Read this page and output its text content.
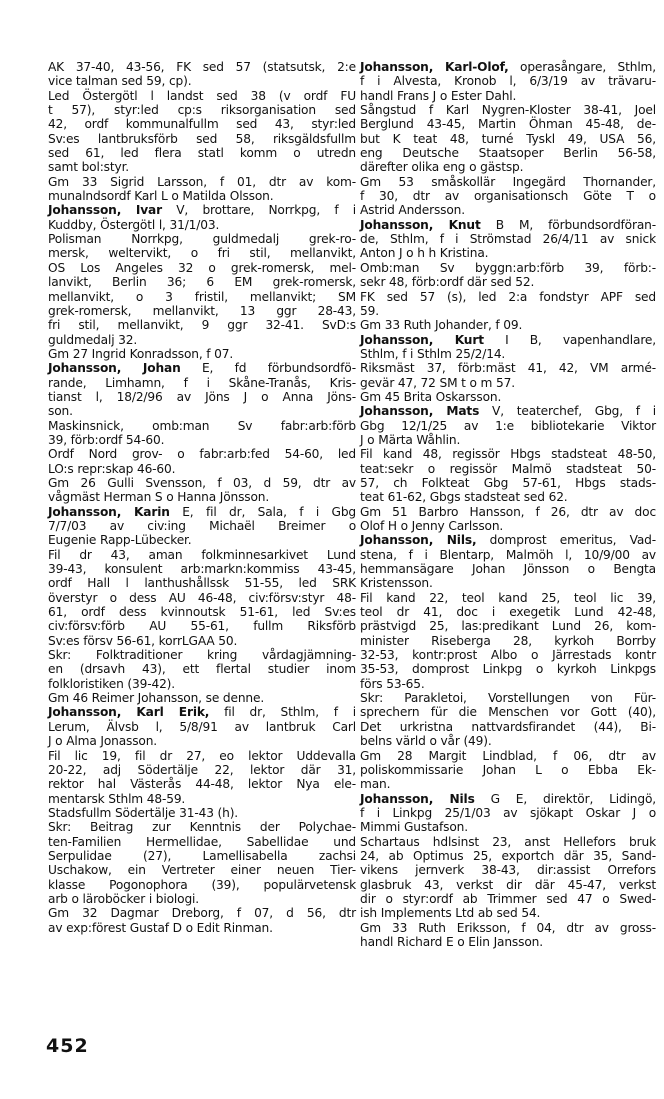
AK 37-40, 43-56, FK sed 57 (statsutsk, 2:e
vice talman sed 59, cp).
Led Östergötl l landst sed 38 (v ordf FU
t 57), styr:led cp:s riksorganisation sed
42, ordf kommunalfullm sed 43, styr:led
Sv:es lantbruksförb sed 58, riksgäldsfullm
sed 61, led flera statl komm o utredn
samt bol:styr.
Gm 33 Sigrid Larsson, f 01, dtr av kom-
munalndsordf Karl L o Matilda Olsson.
Johansson, Ivar V, brottare, Norrkpg, f i
Kuddby, Östergötl l, 31/1/03.
Polisman Norrkpg, guldmedalj grek-ro-
mersk, weltervikt, o fri stil, mellanvikt,
OS Los Angeles 32 o grek-romersk, mel-
lanvikt, Berlin 36; 6 EM grek-romersk,
mellanvikt, o 3 fristil, mellanvikt; SM
grek-romersk, mellanvikt, 13 ggr 28-43,
fri stil, mellanvikt, 9 ggr 32-41. SvD:s
guldmedalj 32.
Gm 27 Ingrid Konradsson, f 07.
Johansson, Johan E, fd förbundsordfö-
rande, Limhamn, f i Skåne-Tranås, Kris-
tianst l, 18/2/96 av Jöns J o Anna Jöns-
son.
Maskinsnick, omb:man Sv fabr:arb:förb
39, förb:ordf 54-60.
Ordf Nord grov- o fabr:arb:fed 54-60, led
LO:s repr:skap 46-60.
Gm 26 Gulli Svensson, f 03, d 59, dtr av
vågmäst Herman S o Hanna Jönsson.
Johansson, Karin E, fil dr, Sala, f i Gbg
7/7/03 av civ:ing Michaël Breimer o
Eugenie Rapp-Lübecker.
Fil dr 43, aman folkminnesarkivet Lund
39-43, konsulent arb:markn:kommiss 43-45,
ordf Hall l lanthushållssk 51-55, led SRK
överstyr o dess AU 46-48, civ:försv:styr 48-
61, ordf dess kvinnoutsk 51-61, led Sv:es
civ:försv:förb AU 55-61, fullm Riksförb
Sv:es försv 56-61, korrLGAA 50.
Skr: Folktraditioner kring vårdagjämning-
en (drsavh 43), ett flertal studier inom
folkloristiken (39-42).
Gm 46 Reimer Johansson, se denne.
Johansson, Karl Erik, fil dr, Sthlm, f i
Lerum, Älvsb l, 5/8/91 av lantbruk Carl
J o Alma Jonasson.
Fil lic 19, fil dr 27, eo lektor Uddevalla
20-22, adj Södertälje 22, lektor där 31,
rektor hal Västerås 44-48, lektor Nya ele-
mentarsk Sthlm 48-59.
Stadsfullm Södertälje 31-43 (h).
Skr: Beitrag zur Kenntnis der Polychae-
ten-Familien Hermellidae, Sabellidae und
Serpulidae (27), Lamellisabella zachsi
Uschakow, ein Vertreter einer neuen Tier-
klasse Pogonophora (39), populärvetensk
arb o läroböcker i biologi.
Gm 32 Dagmar Dreborg, f 07, d 56, dtr
av exp:förest Gustaf D o Edit Rinman.
Johansson, Karl-Olof, operasångare, Sthlm,
f i Alvesta, Kronob l, 6/3/19 av trävaru-
handl Frans J o Ester Dahl.
Sångstud f Karl Nygren-Kloster 38-41, Joel
Berglund 43-45, Martin Öhman 45-48, de-
but K teat 48, turné Tyskl 49, USA 56,
eng Deutsche Staatsoper Berlin 56-58,
därefter olika eng o gästsp.
Gm 53 småskollär Ingegärd Thornander,
f 30, dtr av organisationsch Göte T o
Astrid Andersson.
Johansson, Knut B M, förbundsordföran-
de, Sthlm, f i Strömstad 26/4/11 av snick
Anton J o h h Kristina.
Omb:man Sv byggn:arb:förb 39, förb:-
sekr 48, förb:ordf där sed 52.
FK sed 57 (s), led 2:a fondstyr APF sed
59.
Gm 33 Ruth Johander, f 09.
Johansson, Kurt I B, vapenhandlare,
Sthlm, f i Sthlm 25/2/14.
Riksmäst 37, förb:mäst 41, 42, VM armé-
gevär 47, 72 SM t o m 57.
Gm 45 Brita Oskarsson.
Johansson, Mats V, teaterchef, Gbg, f i
Gbg 12/1/25 av 1:e bibliotekarie Viktor
J o Märta Wåhlin.
Fil kand 48, regissör Hbgs stadsteat 48-50,
teat:sekr o regissör Malmö stadsteat 50-
57, ch Folkteat Gbg 57-61, Hbgs stads-
teat 61-62, Gbgs stadsteat sed 62.
Gm 51 Barbro Hansson, f 26, dtr av doc
Olof H o Jenny Carlsson.
Johansson, Nils, domprost emeritus, Vad-
stena, f i Blentarp, Malmöh l, 10/9/00 av
hemmansägare Johan Jönsson o Bengta
Kristensson.
Fil kand 22, teol kand 25, teol lic 39,
teol dr 41, doc i exegetik Lund 42-48,
prästvigd 25, las:predikant Lund 26, kom-
minister Riseberga 28, kyrkoh Borrby
32-53, kontr:prost Albo o Järrestads kontr
35-53, domprost Linkpg o kyrkoh Linkpgs
förs 53-65.
Skr: Parakletoi, Vorstellungen von Für-
sprechern für die Menschen vor Gott (40),
Det urkristna nattvardsfirandet (44), Bi-
belns värld o vår (49).
Gm 28 Margit Lindblad, f 06, dtr av
poliskommissarie Johan L o Ebba Ek-
man.
Johansson, Nils G E, direktör, Lidingö,
f i Linkpg 25/1/03 av sjökapt Oskar J o
Mimmi Gustafson.
Schartaus hdlsinst 23, anst Hellefors bruk
24, ab Optimus 25, exportch där 35, Sand-
vikens jernverk 38-43, dir:assist Orrefors
glasbruk 43, verkst dir där 45-47, verkst
dir o styr:ordf ab Trimmer sed 47 o Swed-
ish Implements Ltd ab sed 54.
Gm 33 Ruth Eriksson, f 04, dtr av gross-
handl Richard E o Elin Jansson.
452
